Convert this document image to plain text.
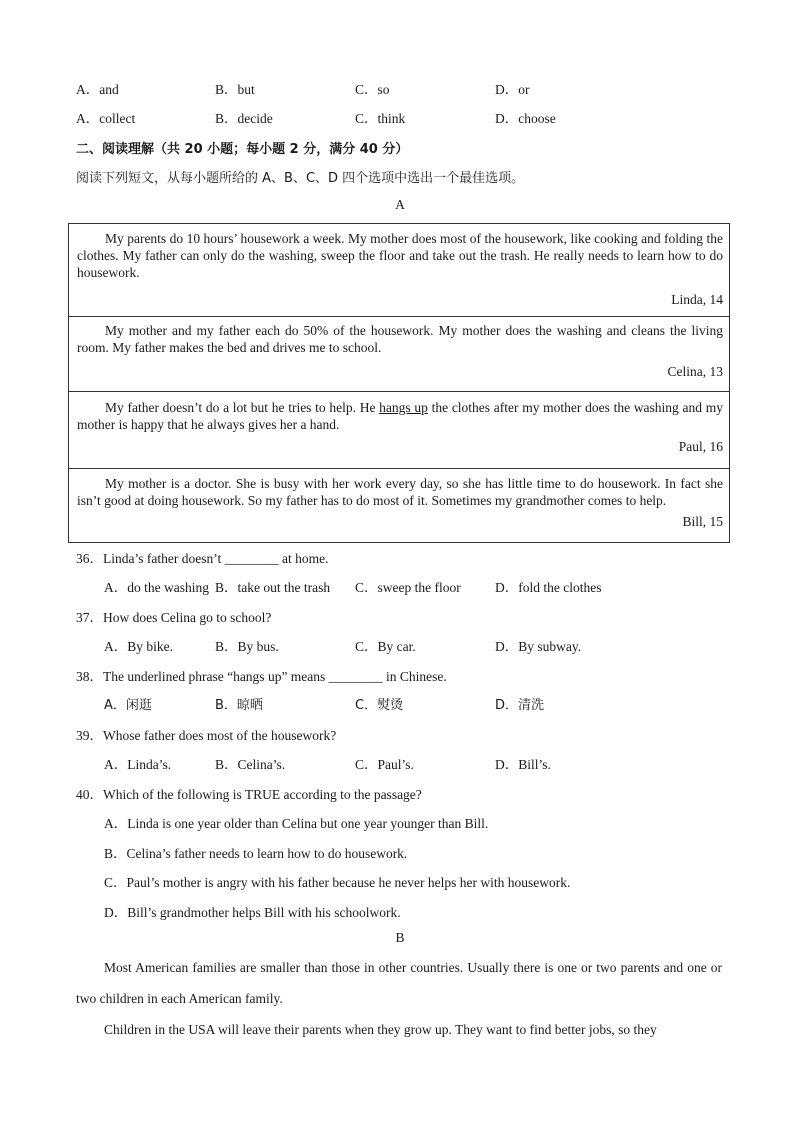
A．and	B．but	C．so	D．or
A．collect	B．decide	C．think	D．choose
二、阅读理解（共 20 小题；每小题 2 分，满分 40 分）
阅读下列短文，从每小题所给的 A、B、C、D 四个选项中选出一个最佳选项。
A

My parents do 10 hours’ housework a week. My mother does most of the housework, like cooking and folding the clothes. My father can only do the washing, sweep the floor and take out the trash. He really needs to learn how to do housework.

Linda, 14

My mother and my father each do 50% of the housework. My mother does the washing and cleans the living room. My father makes the bed and drives me to school.

Celina, 13

My father doesn’t do a lot but he tries to help. He hangs up the clothes after my mother does the washing and my mother is happy that he always gives her a hand.

Paul, 16

My mother is a doctor. She is busy with her work every day, so she has little time to do housework. In fact she isn’t good at doing housework. So my father has to do most of it. Sometimes my grandmother comes to help.

Bill, 15
36．Linda’s father doesn’t ________ at home.
A．do the washing B．take out the trash C．sweep the floor	D．fold the clothes
37．How does Celina go to school?
A．By bike.	B．By bus.	C．By car.	D．By subway.
38．The underlined phrase “hangs up” means ________ in Chinese.
A．闲逛	B．晾晒	C．熨烫	D．清洗
39．Whose father does most of the housework?
A．Linda’s.	B．Celina’s.	C．Paul’s.	D．Bill’s.
40．Which of the following is TRUE according to the passage?
A．Linda is one year older than Celina but one year younger than Bill.
B．Celina’s father needs to learn how to do housework.
C．Paul’s mother is angry with his father because he never helps her with housework.
D．Bill’s grandmother helps Bill with his schoolwork.
B

Most American families are smaller than those in other countries. Usually there is one or two parents and one or two children in each American family.

Children in the USA will leave their parents when they grow up. They want to find better jobs, so they
